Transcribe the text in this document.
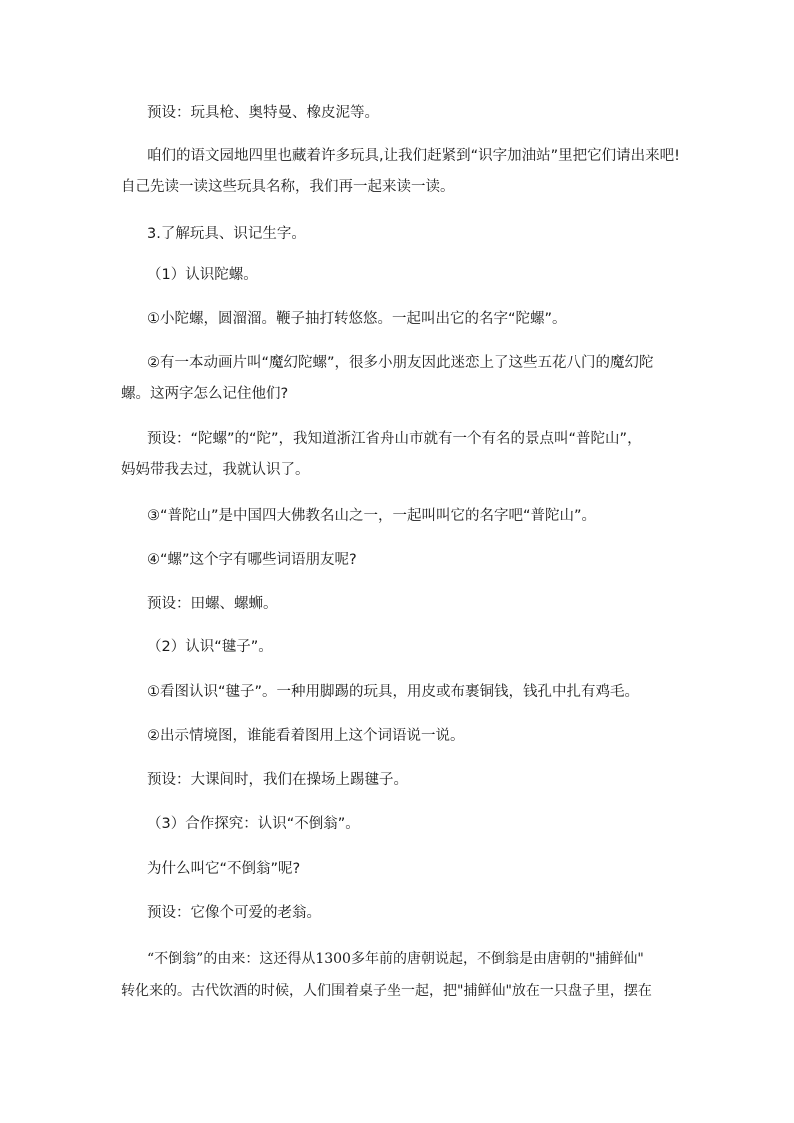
预设：玩具枪、奥特曼、橡皮泥等。
咱们的语文园地四里也藏着许多玩具,让我们赶紧到“识字加油站”里把它们请出来吧!
自己先读一读这些玩具名称，我们再一起来读一读。
3.了解玩具、识记生字。
（1）认识陀螺。
①小陀螺，圆溜溜。鞭子抽打转悠悠。一起叫出它的名字“陀螺”。
②有一本动画片叫“魔幻陀螺”，很多小朋友因此迷恋上了这些五花八门的魔幻陀
螺。这两字怎么记住他们?
预设：“陀螺”的“陀”，我知道浙江省舟山市就有一个有名的景点叫“普陀山”，
妈妈带我去过，我就认识了。
③“普陀山”是中国四大佛教名山之一，一起叫叫它的名字吧“普陀山”。
④“螺”这个字有哪些词语朋友呢?
预设：田螺、螺蛳。
（2）认识“毽子”。
①看图认识“毽子”。一种用脚踢的玩具，用皮或布裹铜钱，钱孔中扎有鸡毛。
②出示情境图，谁能看着图用上这个词语说一说。
预设：大课间时，我们在操场上踢毽子。
（3）合作探究：认识“不倒翁”。
为什么叫它“不倒翁”呢?
预设：它像个可爱的老翁。
“不倒翁”的由来：这还得从1300多年前的唐朝说起，不倒翁是由唐朝的"捕鲜仙"
转化来的。古代饮酒的时候，人们围着桌子坐一起，把"捕鲜仙"放在一只盘子里，摆在
